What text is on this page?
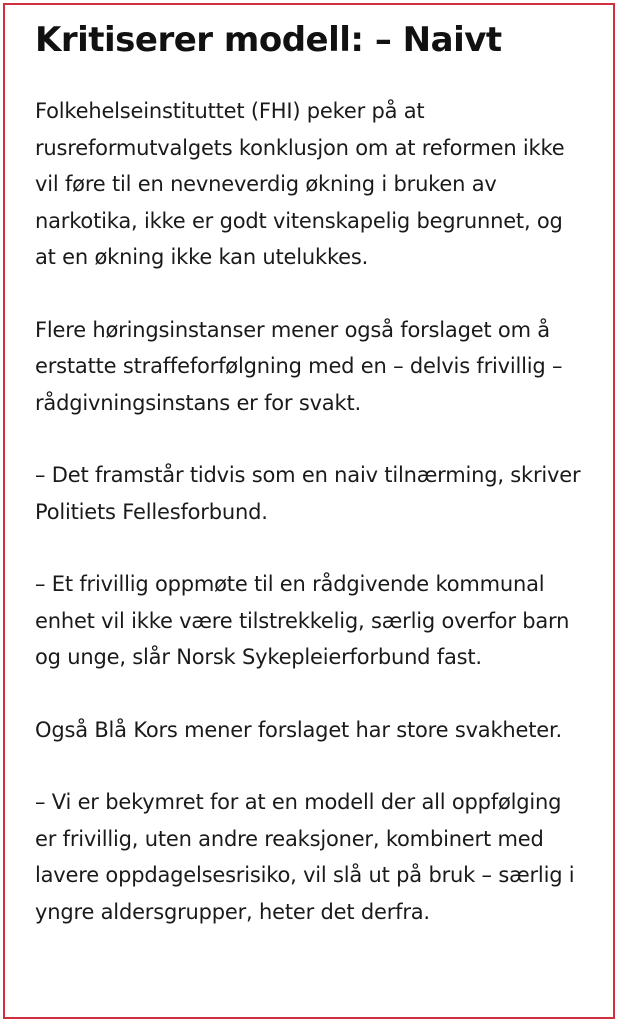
Kritiserer modell: – Naivt

Folkehelseinstituttet (FHI) peker på at rusreformutvalgets konklusjon om at reformen ikke vil føre til en nevneverdig økning i bruken av narkotika, ikke er godt vitenskapelig begrunnet, og at en økning ikke kan utelukkes.

Flere høringsinstanser mener også forslaget om å erstatte straffeforfølgning med en – delvis frivillig – rådgivningsinstans er for svakt.

– Det framstår tidvis som en naiv tilnærming, skriver Politiets Fellesforbund.

– Et frivillig oppmøte til en rådgivende kommunal enhet vil ikke være tilstrekkelig, særlig overfor barn og unge, slår Norsk Sykepleierforbund fast.

Også Blå Kors mener forslaget har store svakheter.

– Vi er bekymret for at en modell der all oppfølging er frivillig, uten andre reaksjoner, kombinert med lavere oppdagelsesrisiko, vil slå ut på bruk – særlig i yngre aldersgrupper, heter det derfra.
